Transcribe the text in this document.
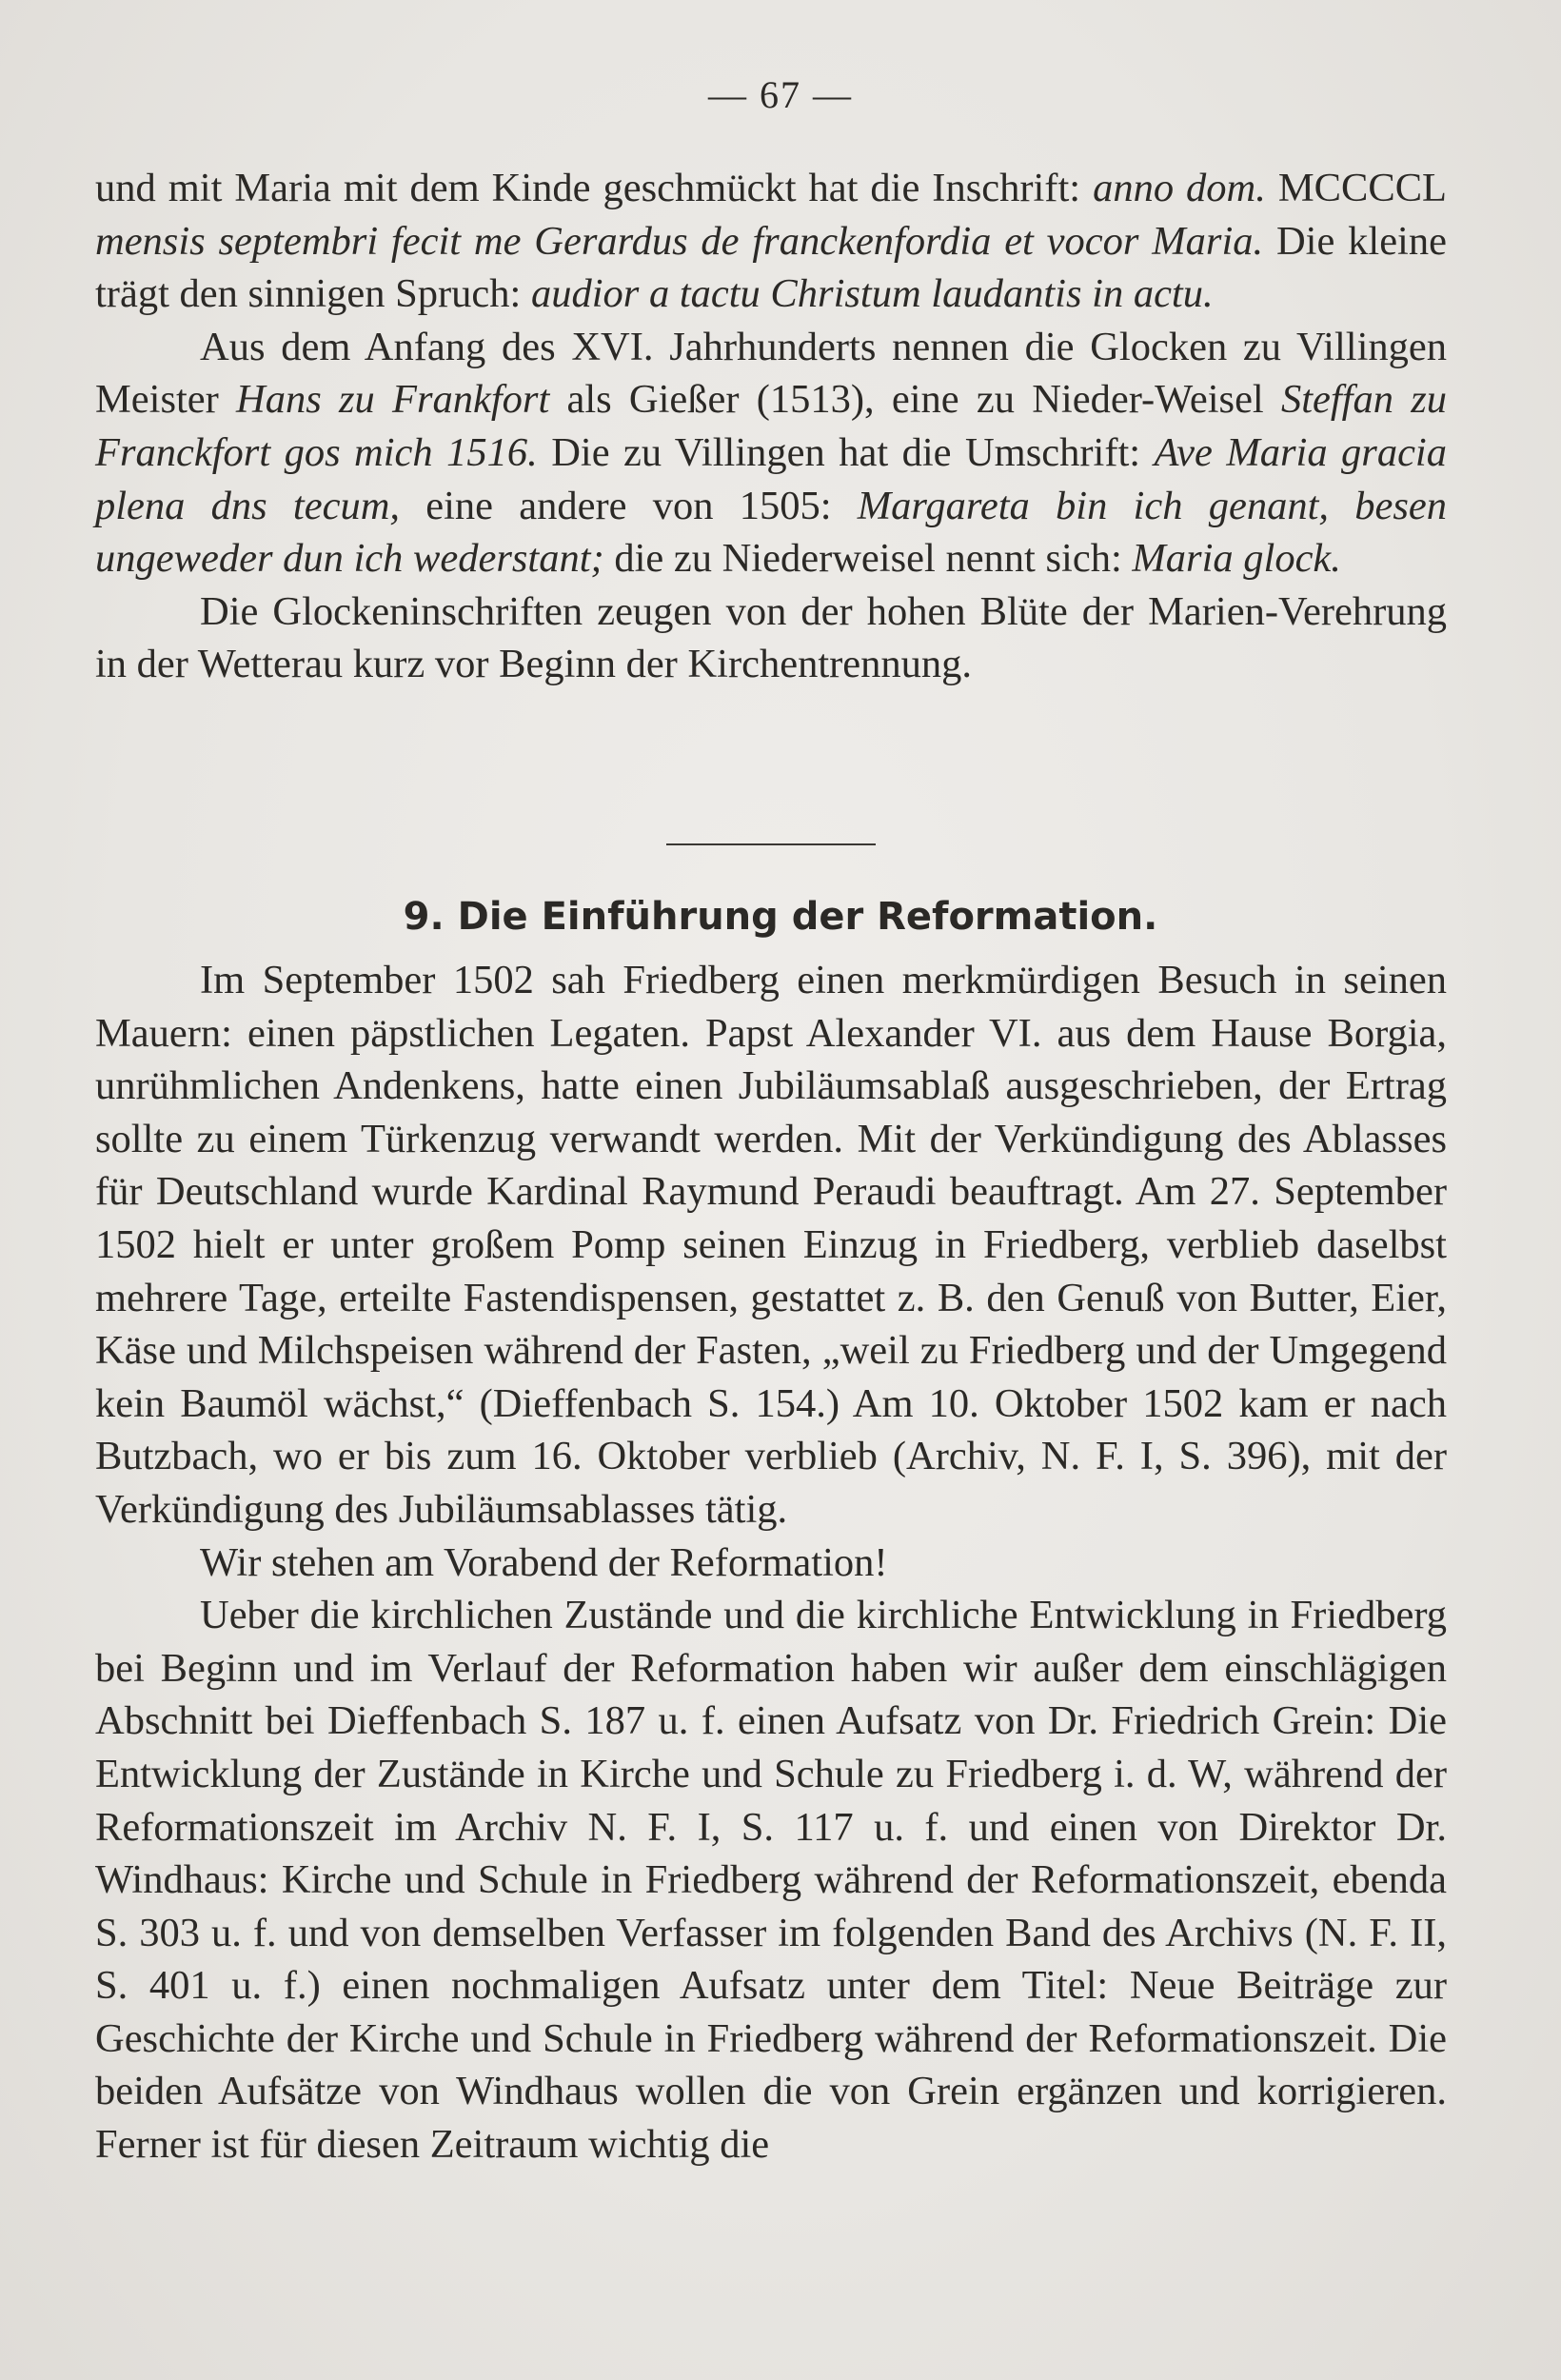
— 67 —

und mit Maria mit dem Kinde geschmückt hat die Inschrift: anno dom. MCCCCL mensis septembri fecit me Gerardus de franckenfordia et vocor Maria. Die kleine trägt den sinnigen Spruch: audior a tactu Christum laudantis in actu.

Aus dem Anfang des XVI. Jahrhunderts nennen die Glocken zu Villingen Meister Hans zu Frankfort als Gießer (1513), eine zu Nieder-Weisel Steffan zu Franckfort gos mich 1516. Die zu Villingen hat die Umschrift: Ave Maria gracia plena dns tecum, eine andere von 1505: Margareta bin ich genant, besen ungeweder dun ich wederstant; die zu Niederweisel nennt sich: Maria glock.

Die Glockeninschriften zeugen von der hohen Blüte der Marien-Verehrung in der Wetterau kurz vor Beginn der Kirchentrennung.

9. Die Einführung der Reformation.

Im September 1502 sah Friedberg einen merkmürdigen Besuch in seinen Mauern: einen päpstlichen Legaten. Papst Alexander VI. aus dem Hause Borgia, unrühmlichen Andenkens, hatte einen Jubiläumsablaß ausgeschrieben, der Ertrag sollte zu einem Türkenzug verwandt werden. Mit der Verkündigung des Ablasses für Deutschland wurde Kardinal Raymund Peraudi beauftragt. Am 27. September 1502 hielt er unter großem Pomp seinen Einzug in Friedberg, verblieb daselbst mehrere Tage, erteilte Fastendispensen, gestattet z. B. den Genuß von Butter, Eier, Käse und Milchspeisen während der Fasten, „weil zu Friedberg und der Umgegend kein Baumöl wächst,“ (Dieffenbach S. 154.) Am 10. Oktober 1502 kam er nach Butzbach, wo er bis zum 16. Oktober verblieb (Archiv, N. F. I, S. 396), mit der Verkündigung des Jubiläumsablasses tätig.

Wir stehen am Vorabend der Reformation!

Ueber die kirchlichen Zustände und die kirchliche Entwicklung in Friedberg bei Beginn und im Verlauf der Reformation haben wir außer dem einschlägigen Abschnitt bei Dieffenbach S. 187 u. f. einen Aufsatz von Dr. Friedrich Grein: Die Entwicklung der Zustände in Kirche und Schule zu Friedberg i. d. W, während der Reformationszeit im Archiv N. F. I, S. 117 u. f. und einen von Direktor Dr. Windhaus: Kirche und Schule in Friedberg während der Reformationszeit, ebenda S. 303 u. f. und von demselben Verfasser im folgenden Band des Archivs (N. F. II, S. 401 u. f.) einen nochmaligen Aufsatz unter dem Titel: Neue Beiträge zur Geschichte der Kirche und Schule in Friedberg während der Reformationszeit. Die beiden Aufsätze von Windhaus wollen die von Grein ergänzen und korrigieren. Ferner ist für diesen Zeitraum wichtig die
